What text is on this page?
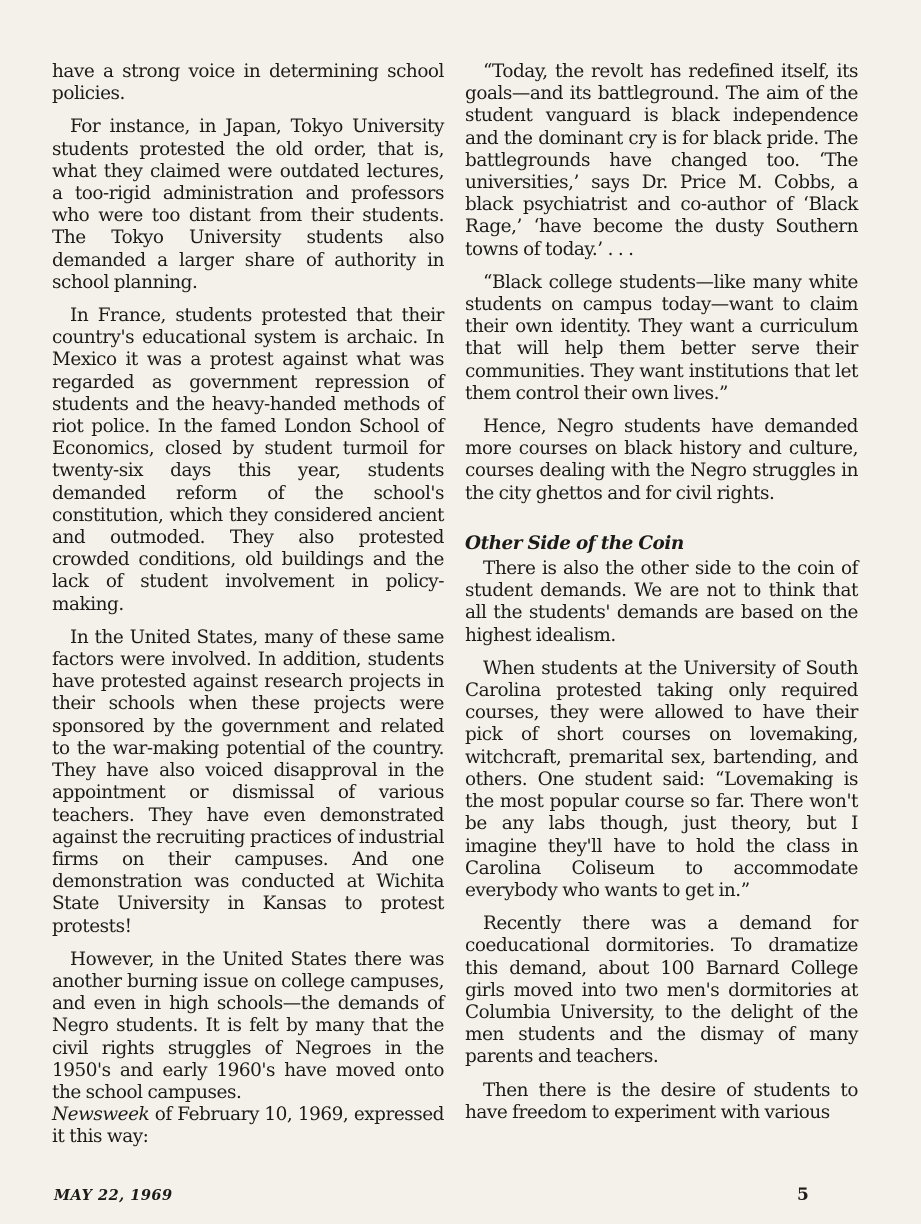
have a strong voice in determining school policies.

For instance, in Japan, Tokyo University students protested the old order, that is, what they claimed were outdated lectures, a too-rigid administration and professors who were too distant from their students. The Tokyo University students also demanded a larger share of authority in school planning.

In France, students protested that their country's educational system is archaic. In Mexico it was a protest against what was regarded as government repression of students and the heavy-handed methods of riot police. In the famed London School of Economics, closed by student turmoil for twenty-six days this year, students demanded reform of the school's constitution, which they considered ancient and outmoded. They also protested crowded conditions, old buildings and the lack of student involvement in policy-making.

In the United States, many of these same factors were involved. In addition, students have protested against research projects in their schools when these projects were sponsored by the government and related to the war-making potential of the country. They have also voiced disapproval in the appointment or dismissal of various teachers. They have even demonstrated against the recruiting practices of industrial firms on their campuses. And one demonstration was conducted at Wichita State University in Kansas to protest protests!

However, in the United States there was another burning issue on college campuses, and even in high schools—the demands of Negro students. It is felt by many that the civil rights struggles of Negroes in the 1950's and early 1960's have moved onto the school campuses.

Newsweek of February 10, 1969, expressed it this way:

“Today, the revolt has redefined itself, its goals—and its battleground. The aim of the student vanguard is black independence and the dominant cry is for black pride. The battlegrounds have changed too. ‘The universities,’ says Dr. Price M. Cobbs, a black psychiatrist and co-author of ‘Black Rage,’ ‘have become the dusty Southern towns of today.’ . . .

“Black college students—like many white students on campus today—want to claim their own identity. They want a curriculum that will help them better serve their communities. They want institutions that let them control their own lives.”

Hence, Negro students have demanded more courses on black history and culture, courses dealing with the Negro struggles in the city ghettos and for civil rights.

Other Side of the Coin

There is also the other side to the coin of student demands. We are not to think that all the students' demands are based on the highest idealism.

When students at the University of South Carolina protested taking only required courses, they were allowed to have their pick of short courses on lovemaking, witchcraft, premarital sex, bartending, and others. One student said: “Lovemaking is the most popular course so far. There won't be any labs though, just theory, but I imagine they'll have to hold the class in Carolina Coliseum to accommodate everybody who wants to get in.”

Recently there was a demand for coeducational dormitories. To dramatize this demand, about 100 Barnard College girls moved into two men's dormitories at Columbia University, to the delight of the men students and the dismay of many parents and teachers.

Then there is the desire of students to have freedom to experiment with various

MAY 22, 1969	5
